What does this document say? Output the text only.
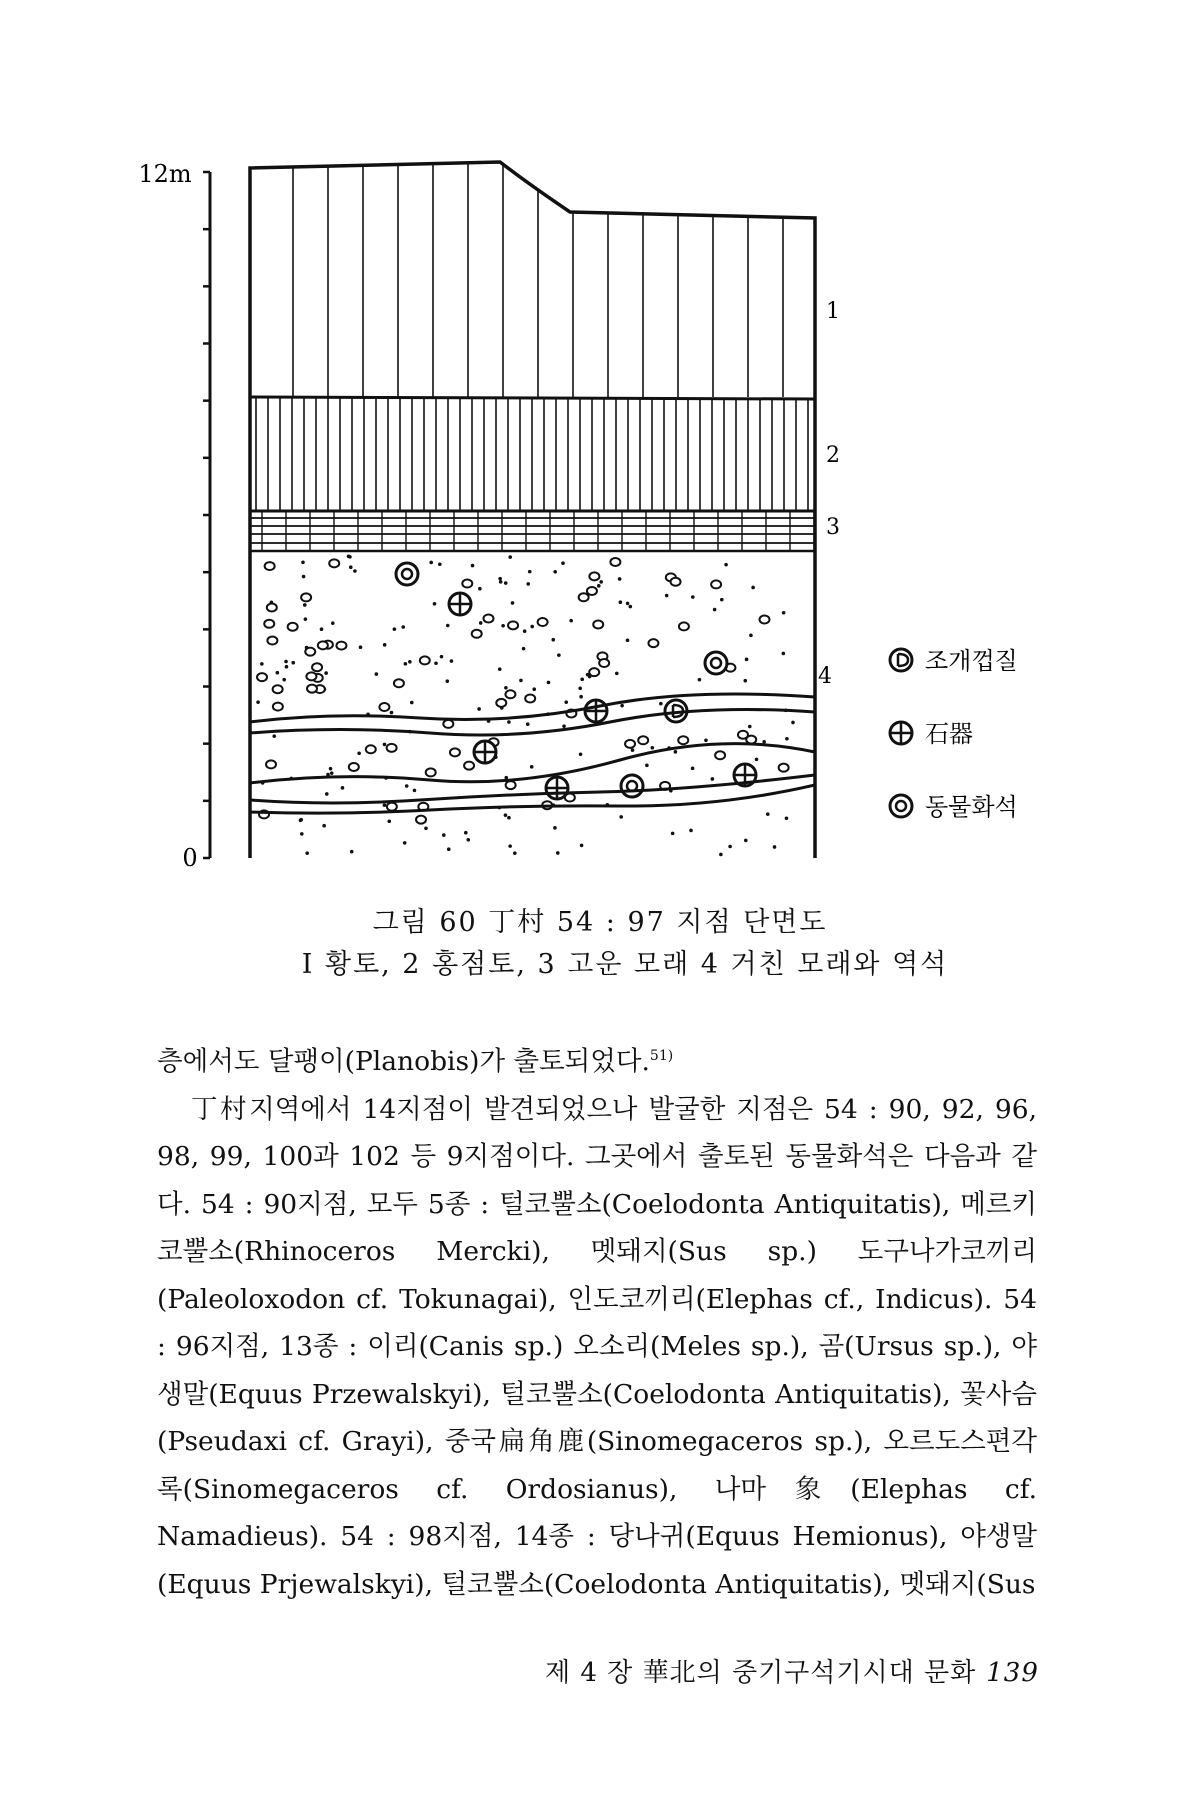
12m
0
1
2
3
4
조개껍질
石器
동물화석
그림 60 丁村 54 : 97 지점 단면도
I 황토, 2 홍점토, 3 고운 모래 4 거친 모래와 역석

층에서도 달팽이(Planobis)가 출토되었다.$^{51)}$

丁村지역에서 14지점이 발견되었으나 발굴한 지점은 54 : 90, 92, 96, 98, 99, 100과 102 등 9지점이다. 그곳에서 출토된 동물화석은 다음과 같다. 54 : 90지점, 모두 5종 : 털코뿔소(Coelodonta Antiquitatis), 메르키코뿔소(Rhinoceros Mercki), 멧돼지(Sus sp.) 도구나가코끼리(Paleoloxodon cf. Tokunagai), 인도코끼리(Elephas cf., Indicus). 54 : 96지점, 13종 : 이리(Canis sp.) 오소리(Meles sp.), 곰(Ursus sp.), 야생말(Equus Przewalskyi), 털코뿔소(Coelodonta Antiquitatis), 꽃사슴(Pseudaxi cf. Grayi), 중국扁角鹿(Sinomegaceros sp.), 오르도스편각록(Sinomegaceros cf. Ordosianus), 나마象(Elephas cf. Namadieus). 54 : 98지점, 14종 : 당나귀(Equus Hemionus), 야생말(Equus Prjewalskyi), 털코뿔소(Coelodonta Antiquitatis), 멧돼지(Sus

제 4 장 華北의 중기구석기시대 문화 139
